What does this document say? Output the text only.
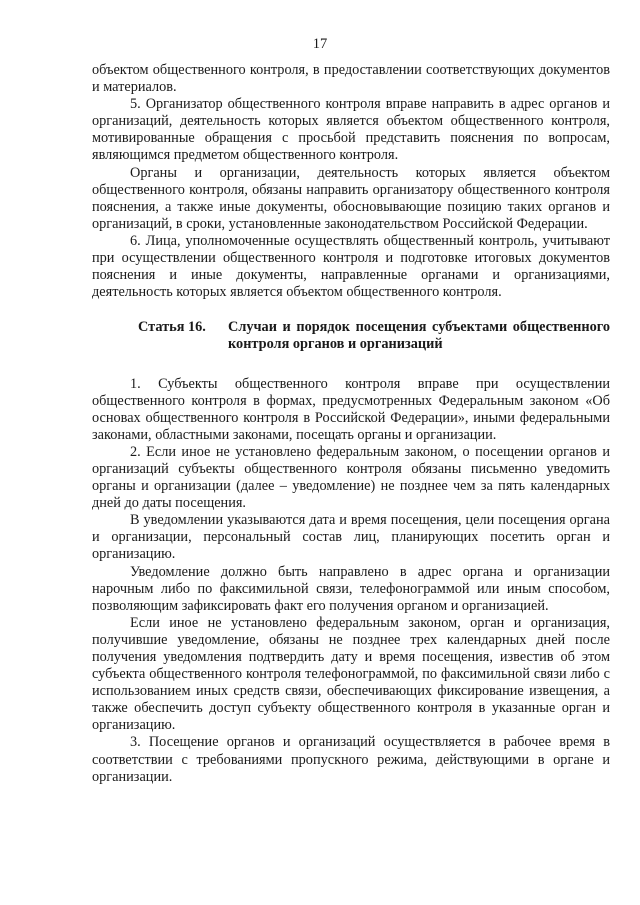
17

объектом общественного контроля, в предоставлении соответствующих документов и материалов.

5. Организатор общественного контроля вправе направить в адрес органов и организаций, деятельность которых является объектом общественного контроля, мотивированные обращения с просьбой представить пояснения по вопросам, являющимся предметом общественного контроля.

Органы и организации, деятельность которых является объектом общественного контроля, обязаны направить организатору общественного контроля пояснения, а также иные документы, обосновывающие позицию таких органов и организаций, в сроки, установленные законодательством Российской Федерации.

6. Лица, уполномоченные осуществлять общественный контроль, учитывают при осуществлении общественного контроля и подготовке итоговых документов пояснения и иные документы, направленные органами и организациями, деятельность которых является объектом общественного контроля.

Статья 16.	Случаи и порядок посещения субъектами общественного контроля органов и организаций

1. Субъекты общественного контроля вправе при осуществлении общественного контроля в формах, предусмотренных Федеральным законом «Об основах общественного контроля в Российской Федерации», иными федеральными законами, областными законами, посещать органы и организации.

2. Если иное не установлено федеральным законом, о посещении органов и организаций субъекты общественного контроля обязаны письменно уведомить органы и организации (далее – уведомление) не позднее чем за пять календарных дней до даты посещения.

В уведомлении указываются дата и время посещения, цели посещения органа и организации, персональный состав лиц, планирующих посетить орган и организацию.

Уведомление должно быть направлено в адрес органа и организации нарочным либо по факсимильной связи, телефонограммой или иным способом, позволяющим зафиксировать факт его получения органом и организацией.

Если иное не установлено федеральным законом, орган и организация, получившие уведомление, обязаны не позднее трех календарных дней после получения уведомления подтвердить дату и время посещения, известив об этом субъекта общественного контроля телефонограммой, по факсимильной связи либо с использованием иных средств связи, обеспечивающих фиксирование извещения, а также обеспечить доступ субъекту общественного контроля в указанные орган и организацию.

3. Посещение органов и организаций осуществляется в рабочее время в соответствии с требованиями пропускного режима, действующими в органе и организации.
